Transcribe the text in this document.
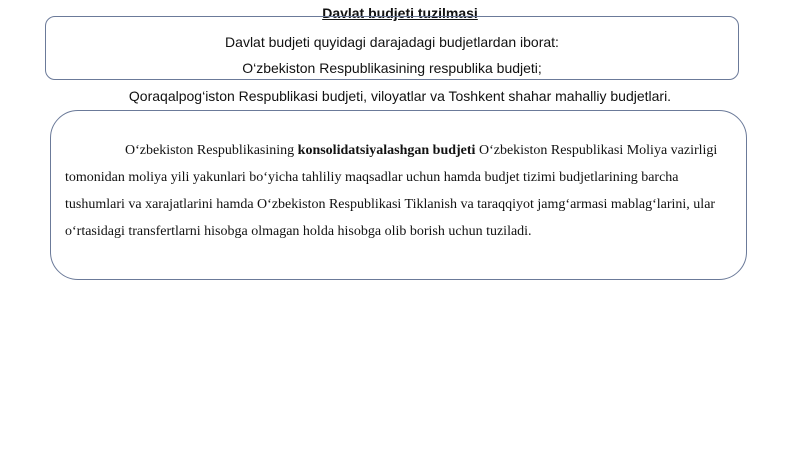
Davlat budjeti tuzilmasi
Davlat budjeti quyidagi darajadagi budjetlardan iborat:
O‘zbekiston Respublikasining respublika budjeti;
Qoraqalpog‘iston Respublikasi budjeti, viloyatlar va Toshkent shahar mahalliy budjetlari.

O‘zbekiston Respublikasining konsolidatsiyalashgan budjeti O‘zbekiston Respublikasi Moliya vazirligi tomonidan moliya yili yakunlari bo‘yicha tahliliy maqsadlar uchun hamda budjet tizimi budjetlarining barcha tushumlari va xarajatlarini hamda O‘zbekiston Respublikasi Tiklanish va taraqqiyot jamg‘armasi mablag‘larini, ular o‘rtasidagi transfertlarni hisobga olmagan holda hisobga olib borish uchun tuziladi.
